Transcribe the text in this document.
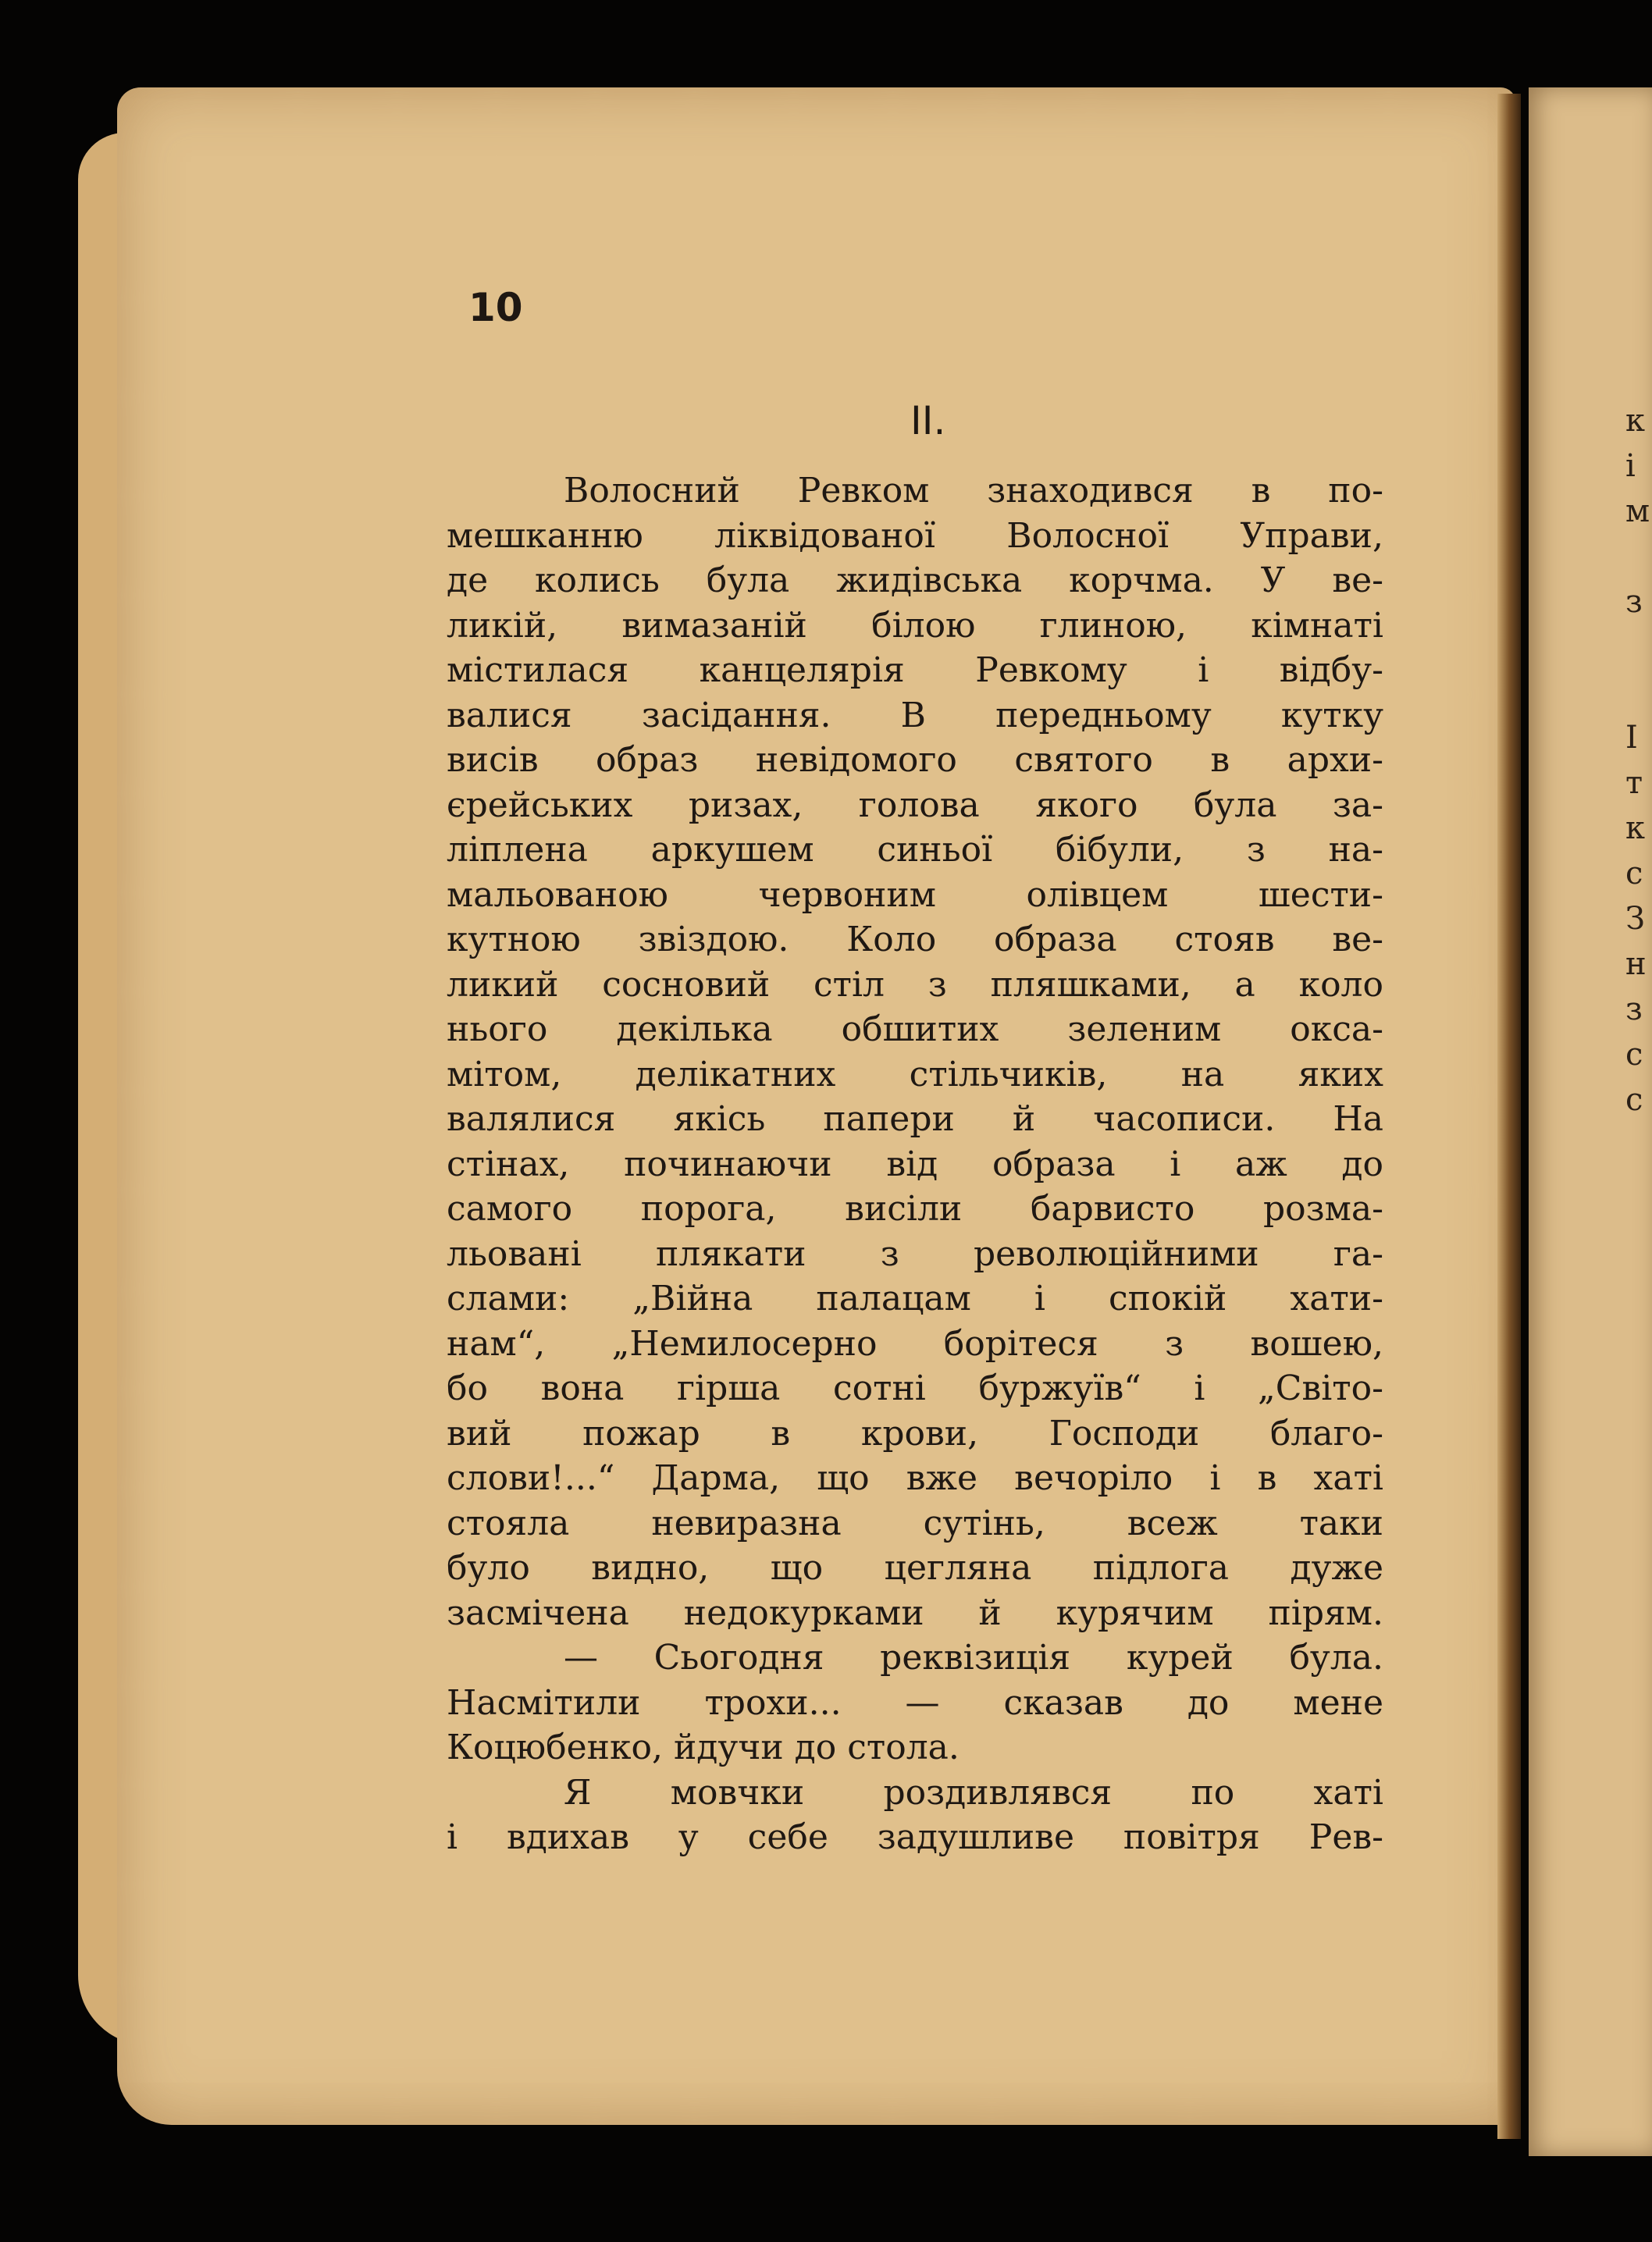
к
і
м
з
І
т
к
с
З
н
з
с
с
10
II.
Волосний Ревком знаходився в по-
мешканню ліквідованої Волосної Управи,
де колись була жидівська корчма. У ве-
ликій, вимазаній білою глиною, кімнаті
містилася канцелярія Ревкому і відбу-
валися засідання. В передньому кутку
висів образ невідомого святого в архи-
єрейських ризах, голова якого була за-
ліплена аркушем синьої бібули, з на-
мальованою червоним олівцем шести-
кутною звіздою. Коло образа стояв ве-
ликий сосновий стіл з пляшками, а коло
нього декілька обшитих зеленим окса-
мітом, делікатних стільчиків, на яких
валялися якісь папери й часописи. На
стінах, починаючи від образа і аж до
самого порога, висіли барвисто розма-
льовані плякати з революційними га-
слами: „Війна палацам і спокій хати-
нам“, „Немилосерно борітеся з вошею,
бо вона гірша сотні буржуїв“ і „Світо-
вий пожар в крови, Господи благо-
слови!...“ Дарма, що вже вечоріло і в хаті
стояла невиразна сутінь, всеж таки
було видно, що цегляна підлога дуже
засмічена недокурками й курячим пірям.
— Сьогодня реквізиція курей була.
Насмітили трохи... — сказав до мене
Коцюбенко, йдучи до стола.
Я мовчки роздивлявся по хаті
і вдихав у себе задушливе повітря Рев-
